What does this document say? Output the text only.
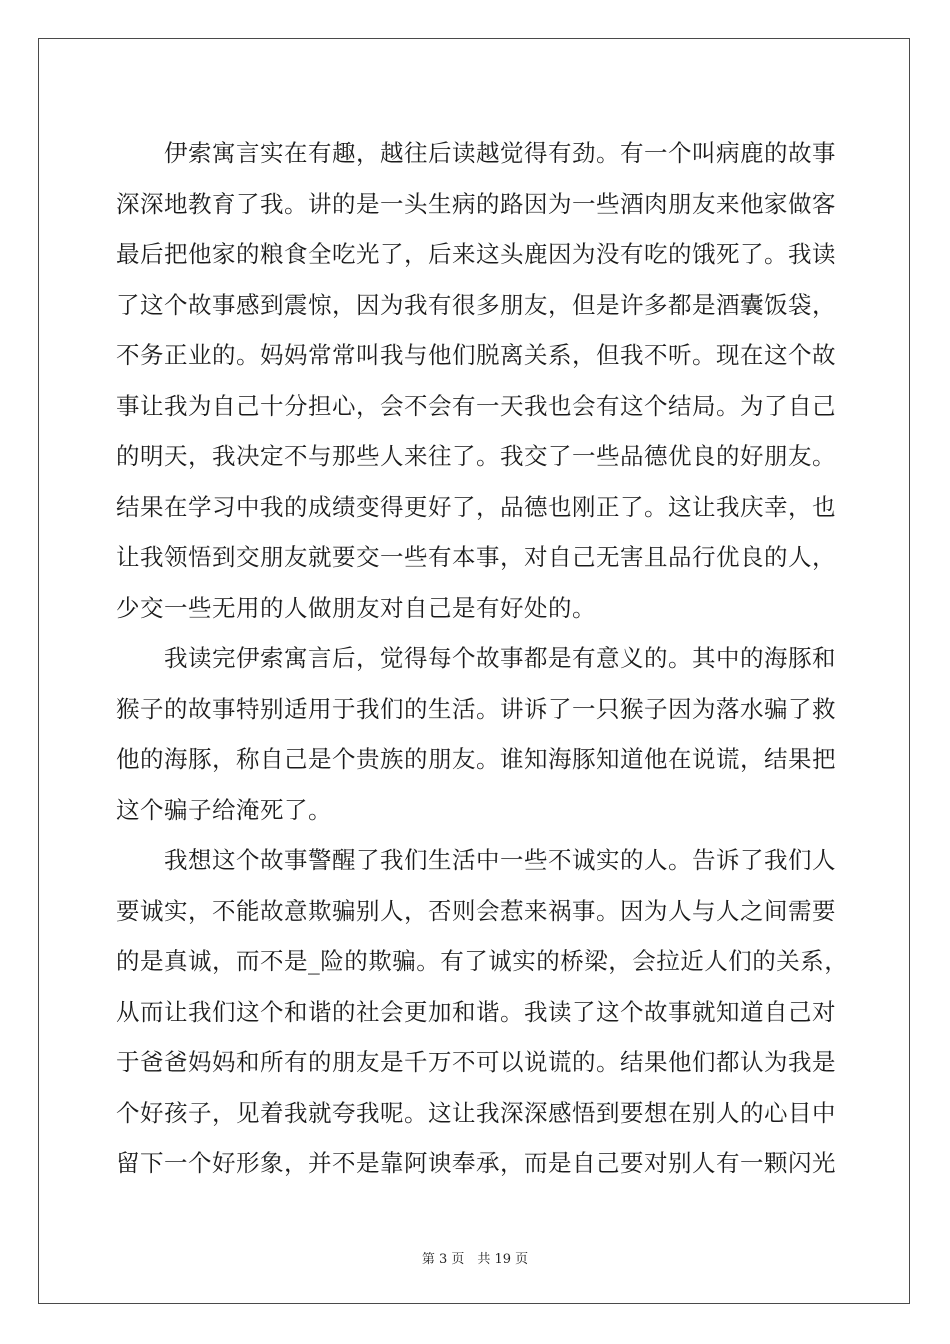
　　伊索寓言实在有趣，越往后读越觉得有劲。有一个叫病鹿的故事
深深地教育了我。讲的是一头生病的路因为一些酒肉朋友来他家做客
最后把他家的粮食全吃光了，后来这头鹿因为没有吃的饿死了。我读
了这个故事感到震惊，因为我有很多朋友，但是许多都是酒囊饭袋，
不务正业的。妈妈常常叫我与他们脱离关系，但我不听。现在这个故
事让我为自己十分担心，会不会有一天我也会有这个结局。为了自己
的明天，我决定不与那些人来往了。我交了一些品德优良的好朋友。
结果在学习中我的成绩变得更好了，品德也刚正了。这让我庆幸，也
让我领悟到交朋友就要交一些有本事，对自己无害且品行优良的人，
少交一些无用的人做朋友对自己是有好处的。
　　我读完伊索寓言后，觉得每个故事都是有意义的。其中的海豚和
猴子的故事特别适用于我们的生活。讲诉了一只猴子因为落水骗了救
他的海豚，称自己是个贵族的朋友。谁知海豚知道他在说谎，结果把
这个骗子给淹死了。
　　我想这个故事警醒了我们生活中一些不诚实的人。告诉了我们人
要诚实，不能故意欺骗别人，否则会惹来祸事。因为人与人之间需要
的是真诚，而不是_险的欺骗。有了诚实的桥梁，会拉近人们的关系，
从而让我们这个和谐的社会更加和谐。我读了这个故事就知道自己对
于爸爸妈妈和所有的朋友是千万不可以说谎的。结果他们都认为我是
个好孩子，见着我就夸我呢。这让我深深感悟到要想在别人的心目中
留下一个好形象，并不是靠阿谀奉承，而是自己要对别人有一颗闪光
第 3 页　共 19 页
